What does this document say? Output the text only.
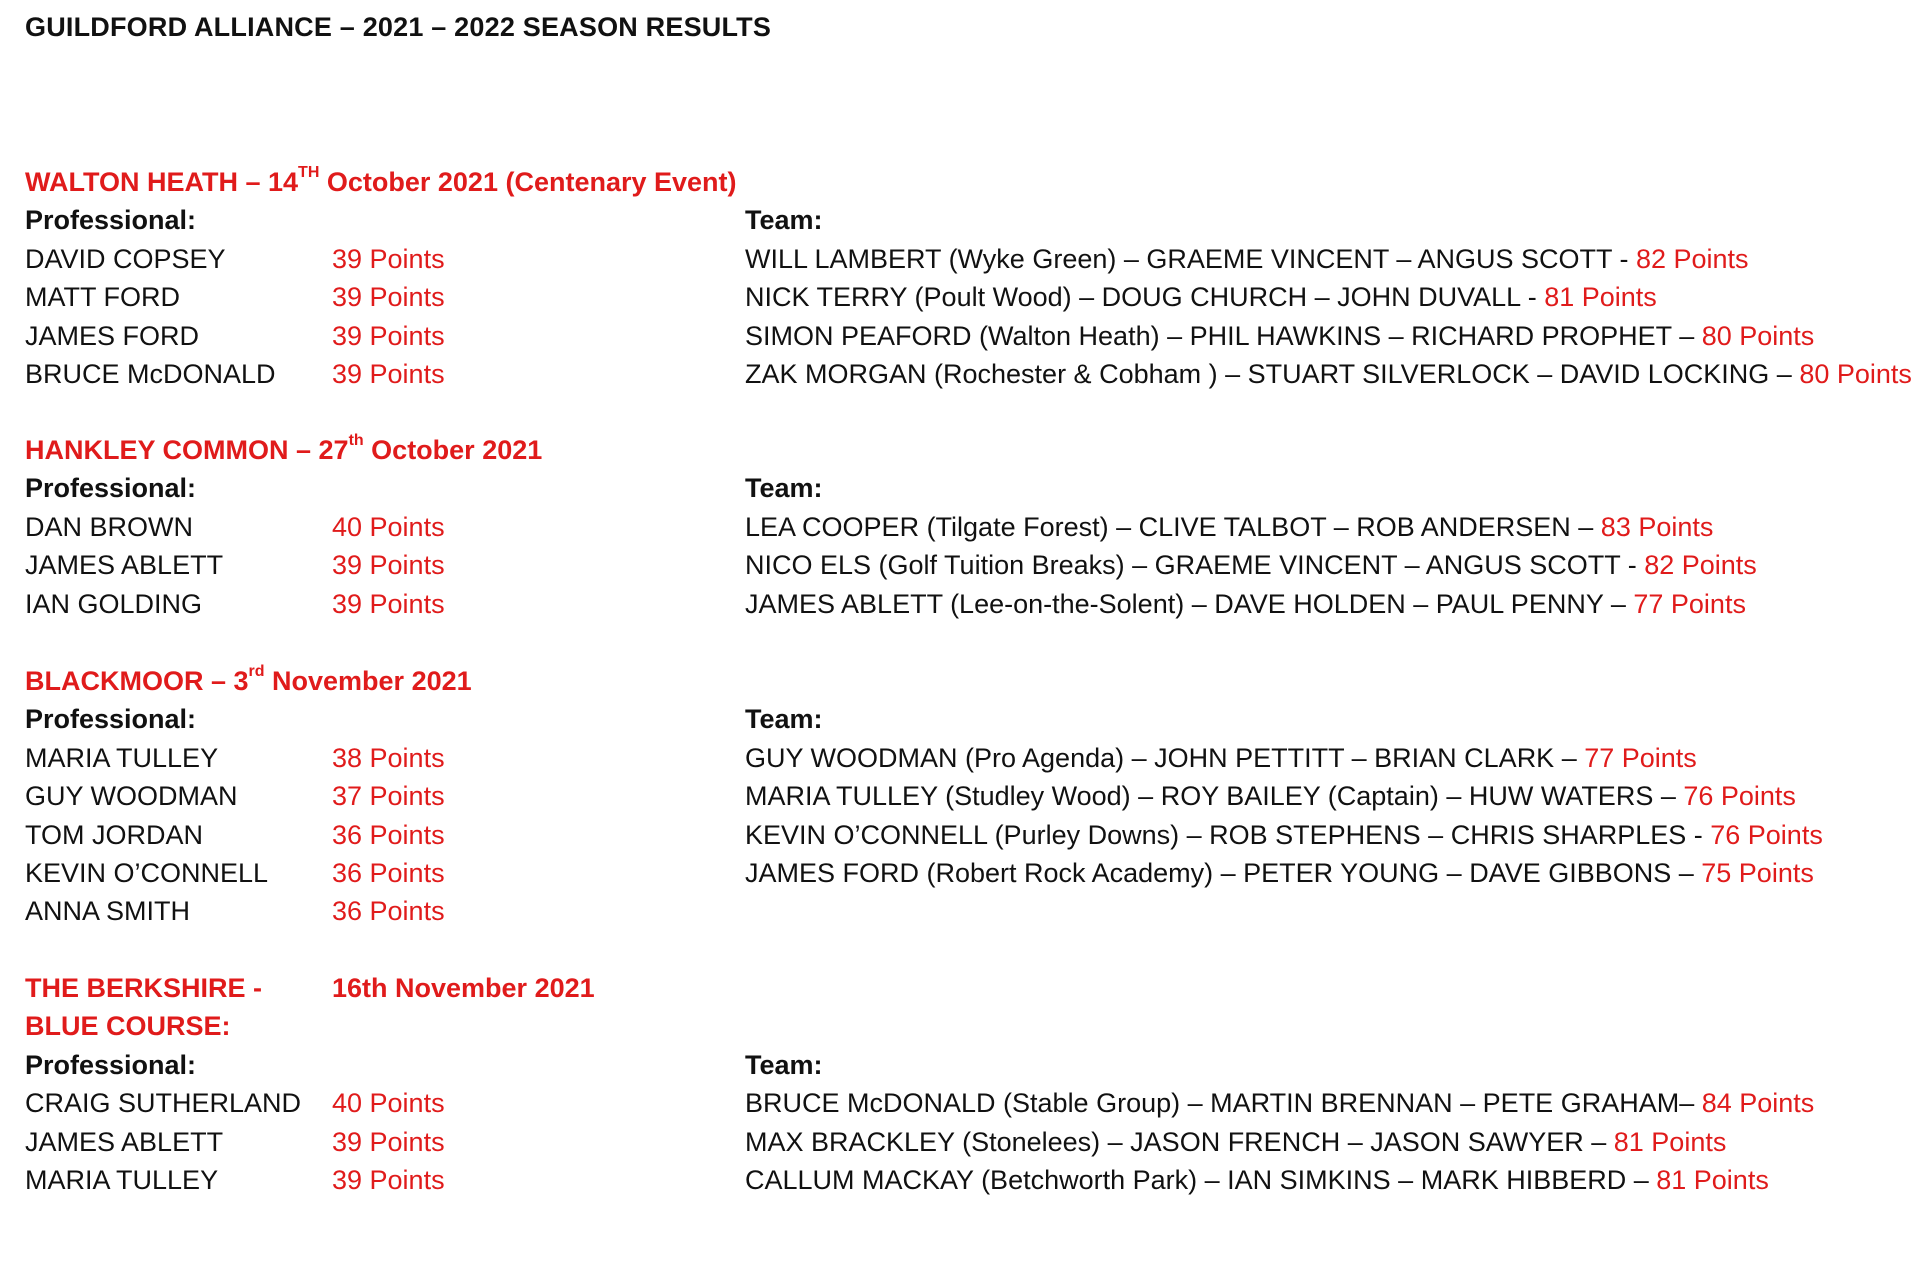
GUILDFORD ALLIANCE – 2021 – 2022 SEASON RESULTS
WALTON HEATH – 14TH October 2021 (Centenary Event)
Professional:	Team:
DAVID COPSEY	39 Points	WILL LAMBERT (Wyke Green) – GRAEME VINCENT – ANGUS SCOTT - 82 Points
MATT FORD	39 Points	NICK TERRY (Poult Wood) – DOUG CHURCH – JOHN DUVALL - 81 Points
JAMES FORD	39 Points	SIMON PEAFORD (Walton Heath) – PHIL HAWKINS – RICHARD PROPHET – 80 Points
BRUCE McDONALD 39 Points	ZAK MORGAN (Rochester & Cobham ) – STUART SILVERLOCK – DAVID LOCKING – 80 Points
HANKLEY COMMON – 27th October 2021
Professional:	Team:
DAN BROWN	40 Points	LEA COOPER (Tilgate Forest) – CLIVE TALBOT – ROB ANDERSEN – 83 Points
JAMES ABLETT	39 Points	NICO ELS (Golf Tuition Breaks) – GRAEME VINCENT – ANGUS SCOTT - 82 Points
IAN GOLDING	39 Points	JAMES ABLETT (Lee-on-the-Solent) – DAVE HOLDEN – PAUL PENNY – 77 Points
BLACKMOOR – 3rd November 2021
Professional:	Team:
MARIA TULLEY	38 Points	GUY WOODMAN (Pro Agenda) – JOHN PETTITT – BRIAN CLARK – 77 Points
GUY WOODMAN	37 Points	MARIA TULLEY (Studley Wood) – ROY BAILEY (Captain) – HUW WATERS – 76 Points
TOM JORDAN	36 Points	KEVIN O’CONNELL (Purley Downs) – ROB STEPHENS – CHRIS SHARPLES - 76 Points
KEVIN O’CONNELL 36 Points	JAMES FORD (Robert Rock Academy) – PETER YOUNG – DAVE GIBBONS – 75 Points
ANNA SMITH	36 Points
THE BERKSHIRE -	16th November 2021
BLUE COURSE:
Professional:	Team:
CRAIG SUTHERLAND 40 Points	BRUCE McDONALD (Stable Group) – MARTIN BRENNAN – PETE GRAHAM– 84 Points
JAMES ABLETT	39 Points	MAX BRACKLEY (Stonelees) – JASON FRENCH – JASON SAWYER – 81 Points
MARIA TULLEY	39 Points	CALLUM MACKAY (Betchworth Park) – IAN SIMKINS – MARK HIBBERD – 81 Points
